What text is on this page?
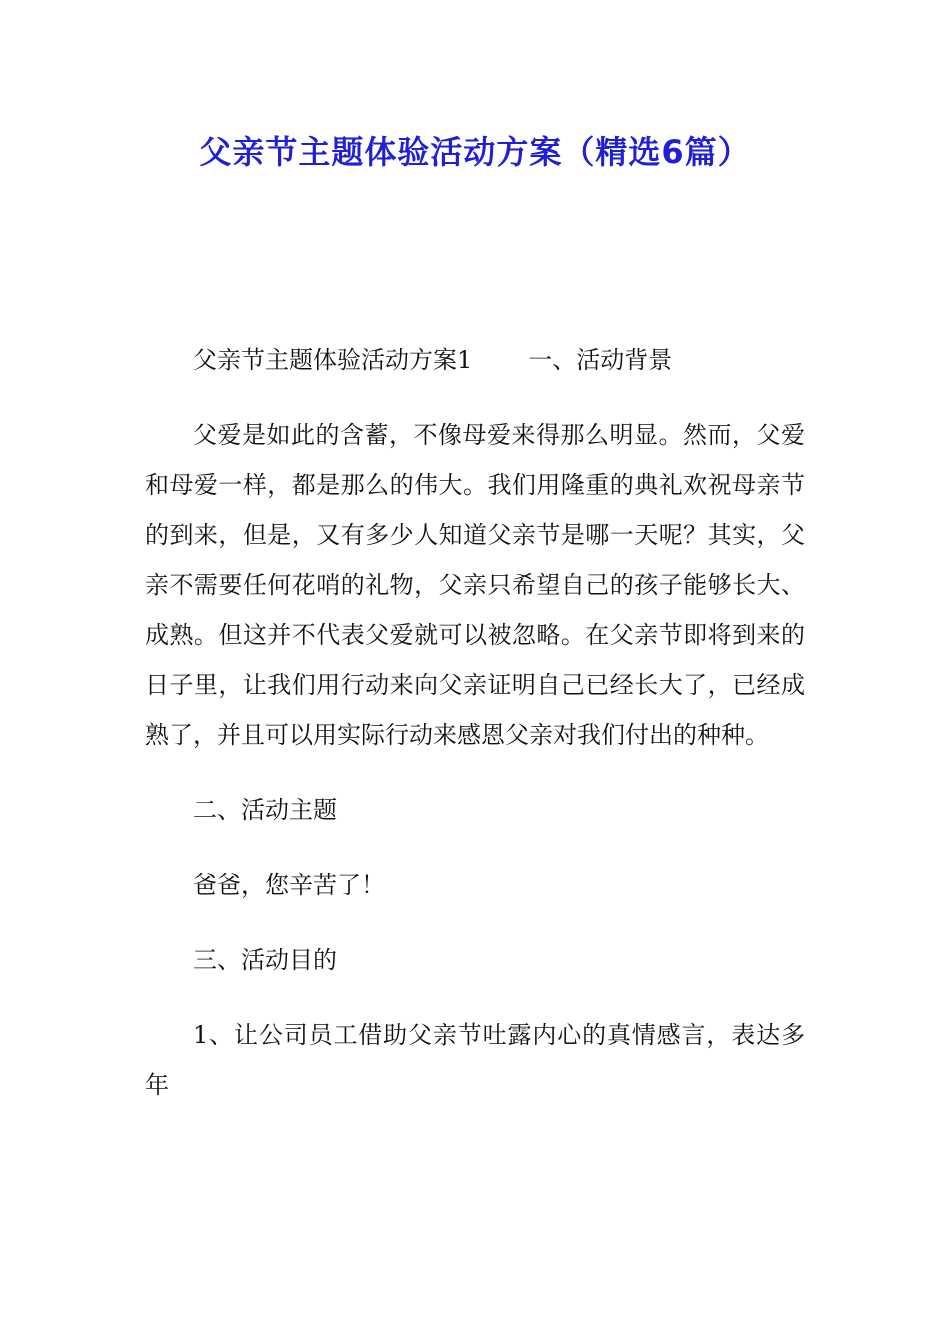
父亲节主题体验活动方案（精选6篇）

父亲节主题体验活动方案1 一、活动背景

父爱是如此的含蓄，不像母爱来得那么明显。然而，父爱和母爱一样，都是那么的伟大。我们用隆重的典礼欢祝母亲节的到来，但是，又有多少人知道父亲节是哪一天呢？其实，父亲不需要任何花哨的礼物，父亲只希望自己的孩子能够长大、成熟。但这并不代表父爱就可以被忽略。在父亲节即将到来的日子里，让我们用行动来向父亲证明自己已经长大了，已经成熟了，并且可以用实际行动来感恩父亲对我们付出的种种。

二、活动主题

爸爸，您辛苦了！

三、活动目的

1、让公司员工借助父亲节吐露内心的真情感言，表达多年
